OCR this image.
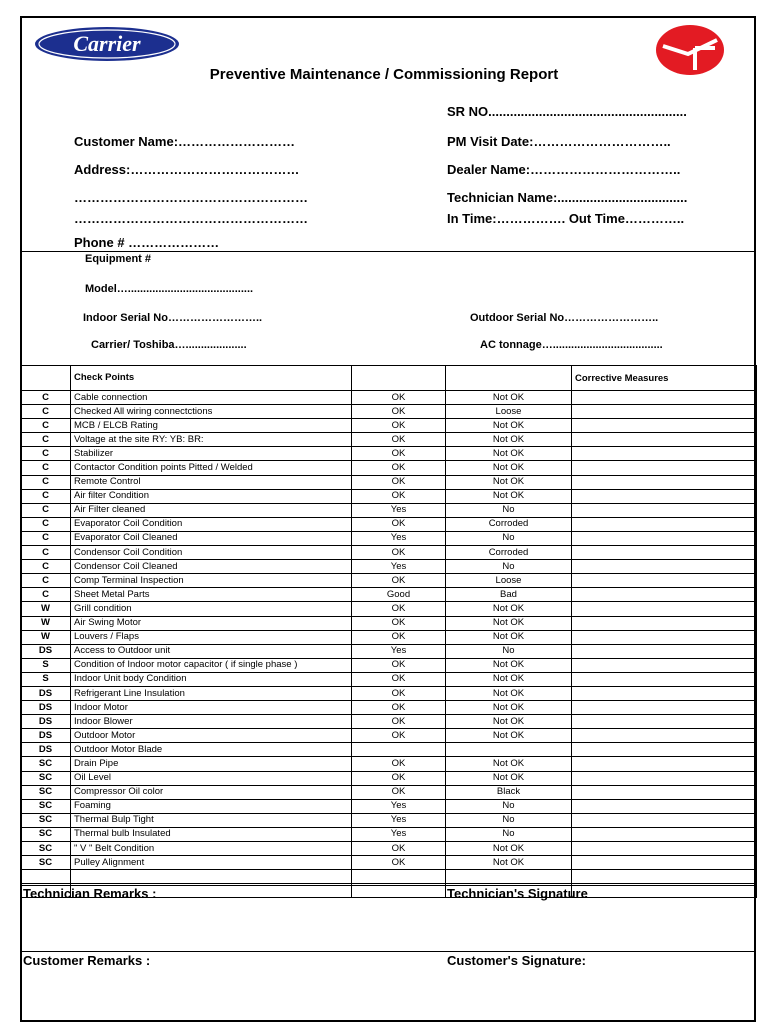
Carrier
Preventive Maintenance / Commissioning Report
SR NO.......................................................
Customer Name:………………………	PM Visit Date:…………………………..
Address:…………………………………	Dealer Name:……………………………..
………………………………………………	Technician Name:....................................
………………………………………………	In Time:……………. Out Time…………..
Phone # …………………
Equipment #
Model….........................................
Indoor Serial No……………………..	Outdoor Serial No……………………..
Carrier/ Toshiba…....................	AC tonnage…....................................
	Check Points			Corrective Measures
C	Cable connection	OK	Not OK	
C	Checked All wiring connectctions	OK	Loose	
C	MCB / ELCB Rating	OK	Not OK	
C	Voltage at the site RY: YB: BR:	OK	Not OK	
C	Stabilizer	OK	Not OK	
C	Contactor Condition points Pitted / Welded	OK	Not OK	
C	Remote Control	OK	Not OK	
C	Air filter Condition	OK	Not OK	
C	Air Filter cleaned	Yes	No	
C	Evaporator Coil Condition	OK	Corroded	
C	Evaporator Coil Cleaned	Yes	No	
C	Condensor Coil Condition	OK	Corroded	
C	Condensor Coil Cleaned	Yes	No	
C	Comp Terminal Inspection	OK	Loose	
C	Sheet Metal Parts	Good	Bad	
W	Grill condition	OK	Not OK	
W	Air Swing Motor	OK	Not OK	
W	Louvers / Flaps	OK	Not OK	
DS	Access to Outdoor unit	Yes	No	
S	Condition of Indoor motor capacitor ( if single phase )	OK	Not OK	
S	Indoor Unit body Condition	OK	Not OK	
DS	Refrigerant Line Insulation	OK	Not OK	
DS	Indoor Motor	OK	Not OK	
DS	Indoor Blower	OK	Not OK	
DS	Outdoor Motor	OK	Not OK	
DS	Outdoor Motor Blade			
SC	Drain Pipe	OK	Not OK	
SC	Oil Level	OK	Not OK	
SC	Compressor Oil color	OK	Black	
SC	Foaming	Yes	No	
SC	Thermal Bulp Tight	Yes	No	
SC	Thermal bulb Insulated	Yes	No	
SC	" V " Belt Condition	OK	Not OK	
SC	Pulley Alignment	OK	Not OK	

Technician Remarks :	Technician's Signature
Customer Remarks :	Customer's Signature:
